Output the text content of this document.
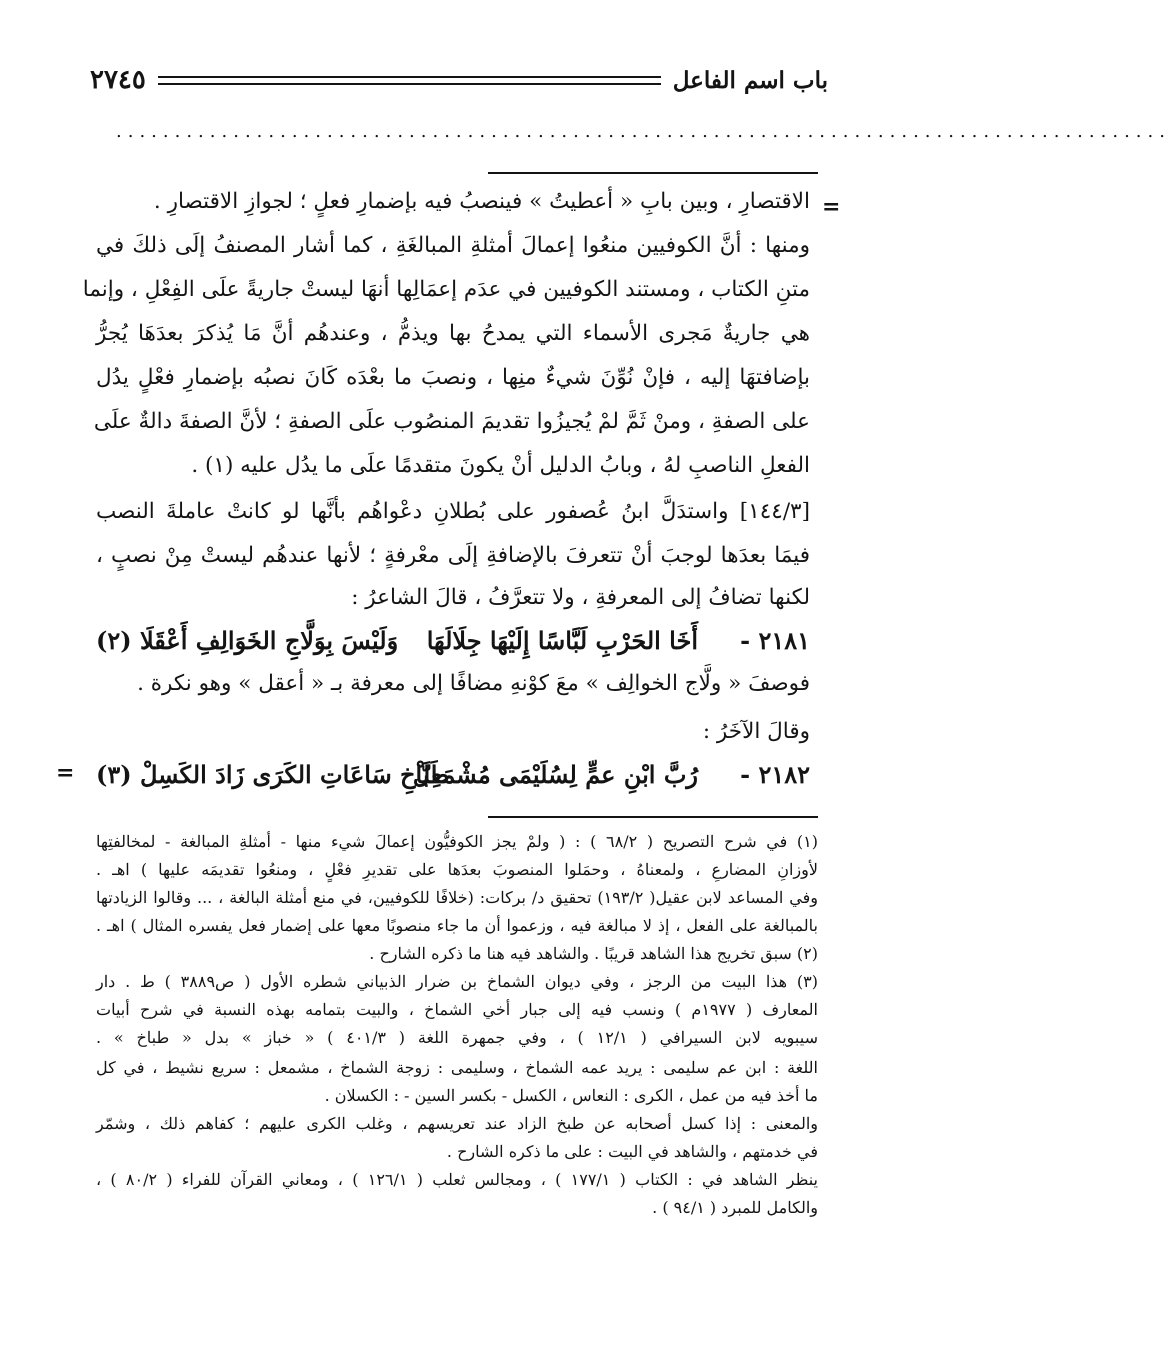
باب اسم الفاعل
٢٧٤٥
..........................................................................................
=
الاقتصارِ ، وبين بابِ « أعطيتُ » فينصبُ فيه بإضمارِ فعلٍ ؛ لجوازِ الاقتصارِ .
ومنها : أنَّ الكوفيين منعُوا إعمالَ أمثلةِ المبالغَةِ ، كما أشار المصنفُ إلَى ذلكَ في
متنِ الكتاب ، ومستند الكوفيين في عدَم إعمَالِها أنهَا ليستْ جاريةً علَى الفِعْلِ ، وإنما
هي جاريةٌ مَجرى الأسماء التي يمدحُ بها ويذمُّ ، وعندهُم أنَّ مَا يُذكرَ بعدَهَا يُجرُّ
بإضافتهَا إليه ، فإنْ نُوِّنَ شيءٌ منِها ، ونصبَ ما بعْدَه كَانَ نصبُه بإضمارِ فعْلٍ يدُل
على الصفةِ ، ومنْ ثَمَّ لمْ يُجيزُوا تقديمَ المنصُوب علَى الصفةِ ؛ لأنَّ الصفةَ دالةٌ علَى
الفعلِ الناصبِ لهُ ، وبابُ الدليل أنْ يكونَ متقدمًا علَى ما يدُل عليه (١) .
[١٤٤/٣] واستدَلَّ ابنُ عُصفور على بُطلانِ دعْواهُم بأنَّها لو كانتْ عاملةَ النصب
فيمَا بعدَها لوجبَ أنْ تتعرفَ بالإضافةِ إلَى معْرفةٍ ؛ لأنها عندهُم ليستْ مِنْ نصبٍ ،
لكنها تضافُ إلى المعرفةِ ، ولا تتعرَّفُ ، قالَ الشاعرُ :
٢١٨١ -
أَخَا الحَرْبِ لَبَّاسًا إِلَيْهَا جِلَالَهَا
وَلَيْسَ بِوَلَّاجِ الخَوَالِفِ أَعْقَلَا (٢)
فوصفَ « ولَّاج الخوالِف » معَ كوْنهِ مضافًا إلى معرفة بـ « أعقل » وهو نكرة .
وقالَ الآخَرُ :
٢١٨٢ -
رُبَّ ابْنِ عمٍّ لِسُلَيْمَى مُشْمَعِلْ
طَبَّاخِ سَاعَاتِ الكَرَى زَادَ الكَسِلْ (٣)
=
(١) في شرح التصريح ( ٦٨/٢ ) : ( ولمْ يجز الكوفيُّون إعمالَ شيء منها - أمثلةِ المبالغة - لمخالفتِها
لأوزانِ المضارعِ ، ولمعناهُ ، وحمَلوا المنصوبَ بعدَها على تقديرِ فعْلٍ ، ومنعُوا تقديمَه عليها ) اهـ .
وفي المساعد لابن عقيل( ١٩٣/٢) تحقيق د/ بركات: (خلافًا للكوفيين، في منع أمثلة البالغة ، ... وقالوا الزيادتها
بالمبالغة على الفعل ، إذ لا مبالغة فيه ، وزعموا أن ما جاء منصوبًا معها على إضمار فعل يفسره المثال ) اهـ .
(٢) سبق تخريج هذا الشاهد قريبًا . والشاهد فيه هنا ما ذكره الشارح .
(٣) هذا البيت من الرجز ، وفي ديوان الشماخ بن ضرار الذبياني شطره الأول ( ص٣٨٨٩ ) ط . دار
المعارف ( ١٩٧٧م ) ونسب فيه إلى جبار أخي الشماخ ، والبيت بتمامه بهذه النسبة في شرح أبيات
سيبويه لابن السيرافي ( ١٢/١ ) ، وفي جمهرة اللغة ( ٤٠١/٣ ) « خباز » بدل « طباخ » .
اللغة : ابن عم سليمى : يريد عمه الشماخ ، وسليمى : زوجة الشماخ ، مشمعل : سريع نشيط ، في كل
ما أخذ فيه من عمل ، الكرى : النعاس ، الكسل - بكسر السين - : الكسلان .
والمعنى : إذا كسل أصحابه عن طبخ الزاد عند تعريسهم ، وغلب الكرى عليهم ؛ كفاهم ذلك ، وشمّر
في خدمتهم ، والشاهد في البيت : على ما ذكره الشارح .
ينظر الشاهد في : الكتاب ( ١٧٧/١ ) ، ومجالس ثعلب ( ١٢٦/١ ) ، ومعاني القرآن للفراء ( ٨٠/٢ ) ،
والكامل للمبرد ( ٩٤/١ ) .
